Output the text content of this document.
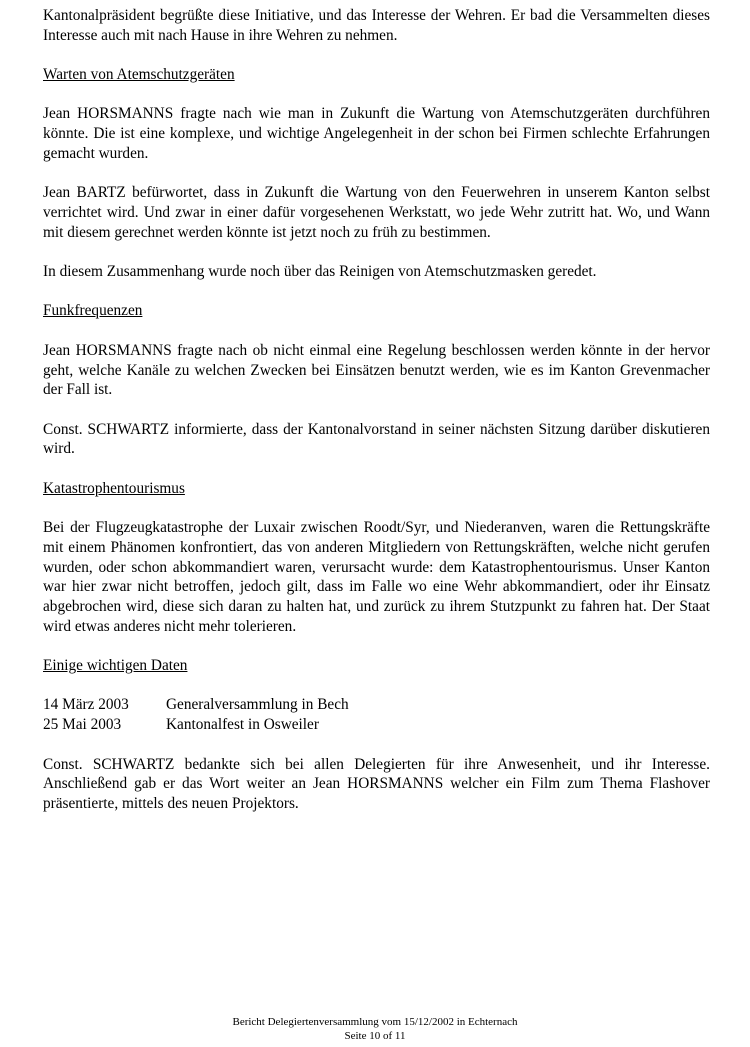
Kantonalpräsident begrüßte diese Initiative, und das Interesse der Wehren. Er bad die Versammelten dieses Interesse auch mit nach Hause in ihre Wehren zu nehmen.

Warten von Atemschutzgeräten

Jean HORSMANNS fragte nach wie man in Zukunft die Wartung von Atemschutzgeräten durchführen könnte. Die ist eine komplexe, und wichtige Angelegenheit in der schon bei Firmen schlechte Erfahrungen gemacht wurden.

Jean BARTZ befürwortet, dass in Zukunft die Wartung von den Feuerwehren in unserem Kanton selbst verrichtet wird. Und zwar in einer dafür vorgesehenen Werkstatt, wo jede Wehr zutritt hat. Wo, und Wann mit diesem gerechnet werden könnte ist jetzt noch zu früh zu bestimmen.

In diesem Zusammenhang wurde noch über das Reinigen von Atemschutzmasken geredet.

Funkfrequenzen

Jean HORSMANNS fragte nach ob nicht einmal eine Regelung beschlossen werden könnte in der hervor geht, welche Kanäle zu welchen Zwecken bei Einsätzen benutzt werden, wie es im Kanton Grevenmacher der Fall ist.

Const. SCHWARTZ informierte, dass der Kantonalvorstand in seiner nächsten Sitzung darüber diskutieren wird.

Katastrophentourismus

Bei der Flugzeugkatastrophe der Luxair zwischen Roodt/Syr, und Niederanven, waren die Rettungskräfte mit einem Phänomen konfrontiert, das von anderen Mitgliedern von Rettungskräften, welche nicht gerufen wurden, oder schon abkommandiert waren, verursacht wurde: dem Katastrophentourismus. Unser Kanton war hier zwar nicht betroffen, jedoch gilt, dass im Falle wo eine Wehr abkommandiert, oder ihr Einsatz abgebrochen wird, diese sich daran zu halten hat, und zurück zu ihrem Stutzpunkt zu fahren hat. Der Staat wird etwas anderes nicht mehr tolerieren.

Einige wichtigen Daten
14 März 2003	Generalversammlung in Bech
25 Mai 2003	Kantonalfest in Osweiler

Const. SCHWARTZ bedankte sich bei allen Delegierten für ihre Anwesenheit, und ihr Interesse. Anschließend gab er das Wort weiter an Jean HORSMANNS welcher ein Film zum Thema Flashover präsentierte, mittels des neuen Projektors.

Bericht Delegiertenversammlung vom 15/12/2002 in Echternach
Seite 10 of 11
